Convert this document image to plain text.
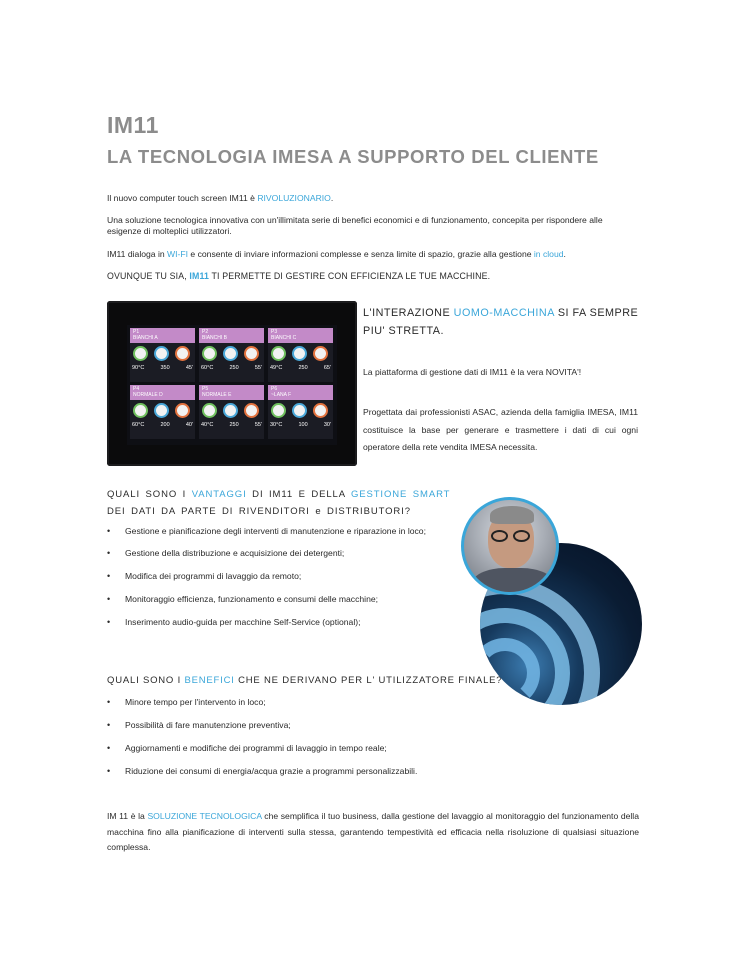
IM11
LA TECNOLOGIA IMESA A SUPPORTO DEL CLIENTE

Il nuovo computer touch screen IM11 è RIVOLUZIONARIO.

Una soluzione tecnologica innovativa con un'illimitata serie di benefici economici e di funzionamento, concepita per rispondere alle esigenze di molteplici utilizzatori.

IM11 dialoga in WI-FI e consente di inviare informazioni complesse e senza limite di spazio, grazie alla gestione in cloud.

OVUNQUE TU SIA, IM11 TI PERMETTE DI GESTIRE CON EFFICIENZA LE TUE MACCHINE.

P1
BIANCHI A
90°C	350	45'
P2
BIANCHI B
60°C	250	55'
P3
BIANCHI C
49°C	250	65'
P4
NORMALE D
60°C	200	40'
P5
NORMALE E
40°C	250	55'
P6
~LANA F
30°C	100	30'
L'INTERAZIONE UOMO-MACCHINA SI FA SEMPRE PIU' STRETTA.

La piattaforma di gestione dati di IM11 è la vera NOVITA'!

Progettata dai professionisti ASAC, azienda della famiglia IMESA, IM11 costituisce la base per generare e trasmettere i dati di cui ogni operatore della rete vendita IMESA necessita.

QUALI SONO I VANTAGGI DI IM11 E DELLA GESTIONE SMART
DEI DATI DA PARTE DI RIVENDITORI e DISTRIBUTORI?
• Gestione e pianificazione degli interventi di manutenzione e riparazione in loco;
• Gestione della distribuzione e acquisizione dei detergenti;
• Modifica dei programmi di lavaggio da remoto;
• Monitoraggio efficienza, funzionamento e consumi delle macchine;
• Inserimento audio-guida per macchine Self-Service (optional);
QUALI SONO I BENEFICI CHE NE DERIVANO PER L' UTILIZZATORE FINALE?
• Minore tempo per l'intervento in loco;
• Possibilità di fare manutenzione preventiva;
• Aggiornamenti e modifiche dei programmi di lavaggio in tempo reale;
• Riduzione dei consumi di energia/acqua grazie a programmi personalizzabili.

IM 11 è la SOLUZIONE TECNOLOGICA che semplifica il tuo business, dalla gestione del lavaggio al monitoraggio del funzionamento della macchina fino alla pianificazione di interventi sulla stessa, garantendo tempestività ed efficacia nella risoluzione di qualsiasi situazione complessa.
